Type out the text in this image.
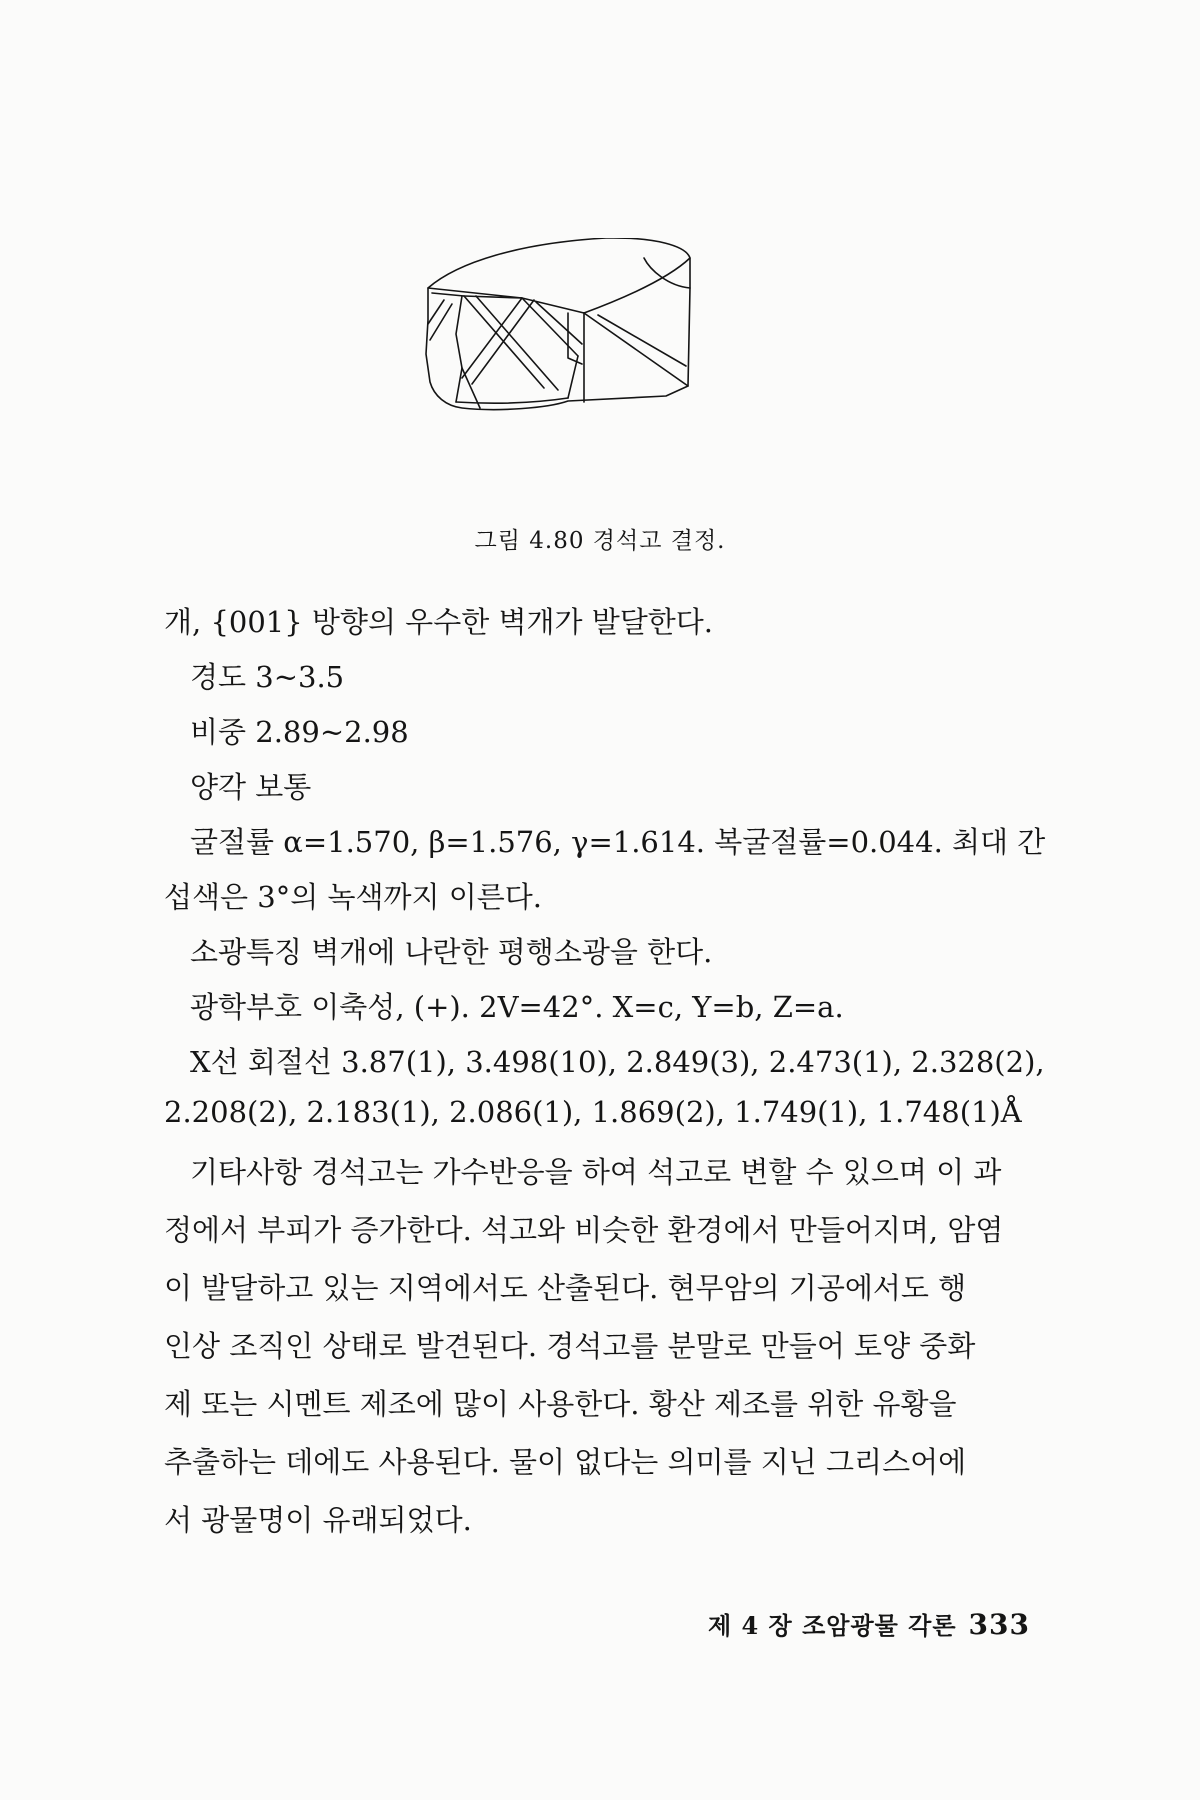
그림 4.80 경석고 결정.
개, {001} 방향의 우수한 벽개가 발달한다.
경도 3~3.5
비중 2.89~2.98
양각 보통
굴절률 α=1.570, β=1.576, γ=1.614. 복굴절률=0.044. 최대 간
섭색은 3°의 녹색까지 이른다.
소광특징 벽개에 나란한 평행소광을 한다.
광학부호 이축성, (+). 2V=42°. X=c, Y=b, Z=a.
X선 회절선 3.87(1), 3.498(10), 2.849(3), 2.473(1), 2.328(2),
2.208(2), 2.183(1), 2.086(1), 1.869(2), 1.749(1), 1.748(1)Å
기타사항 경석고는 가수반응을 하여 석고로 변할 수 있으며 이 과
정에서 부피가 증가한다. 석고와 비슷한 환경에서 만들어지며, 암염
이 발달하고 있는 지역에서도 산출된다. 현무암의 기공에서도 행
인상 조직인 상태로 발견된다. 경석고를 분말로 만들어 토양 중화
제 또는 시멘트 제조에 많이 사용한다. 황산 제조를 위한 유황을
추출하는 데에도 사용된다. 물이 없다는 의미를 지닌 그리스어에
서 광물명이 유래되었다.
제 4 장 조암광물 각론 333
